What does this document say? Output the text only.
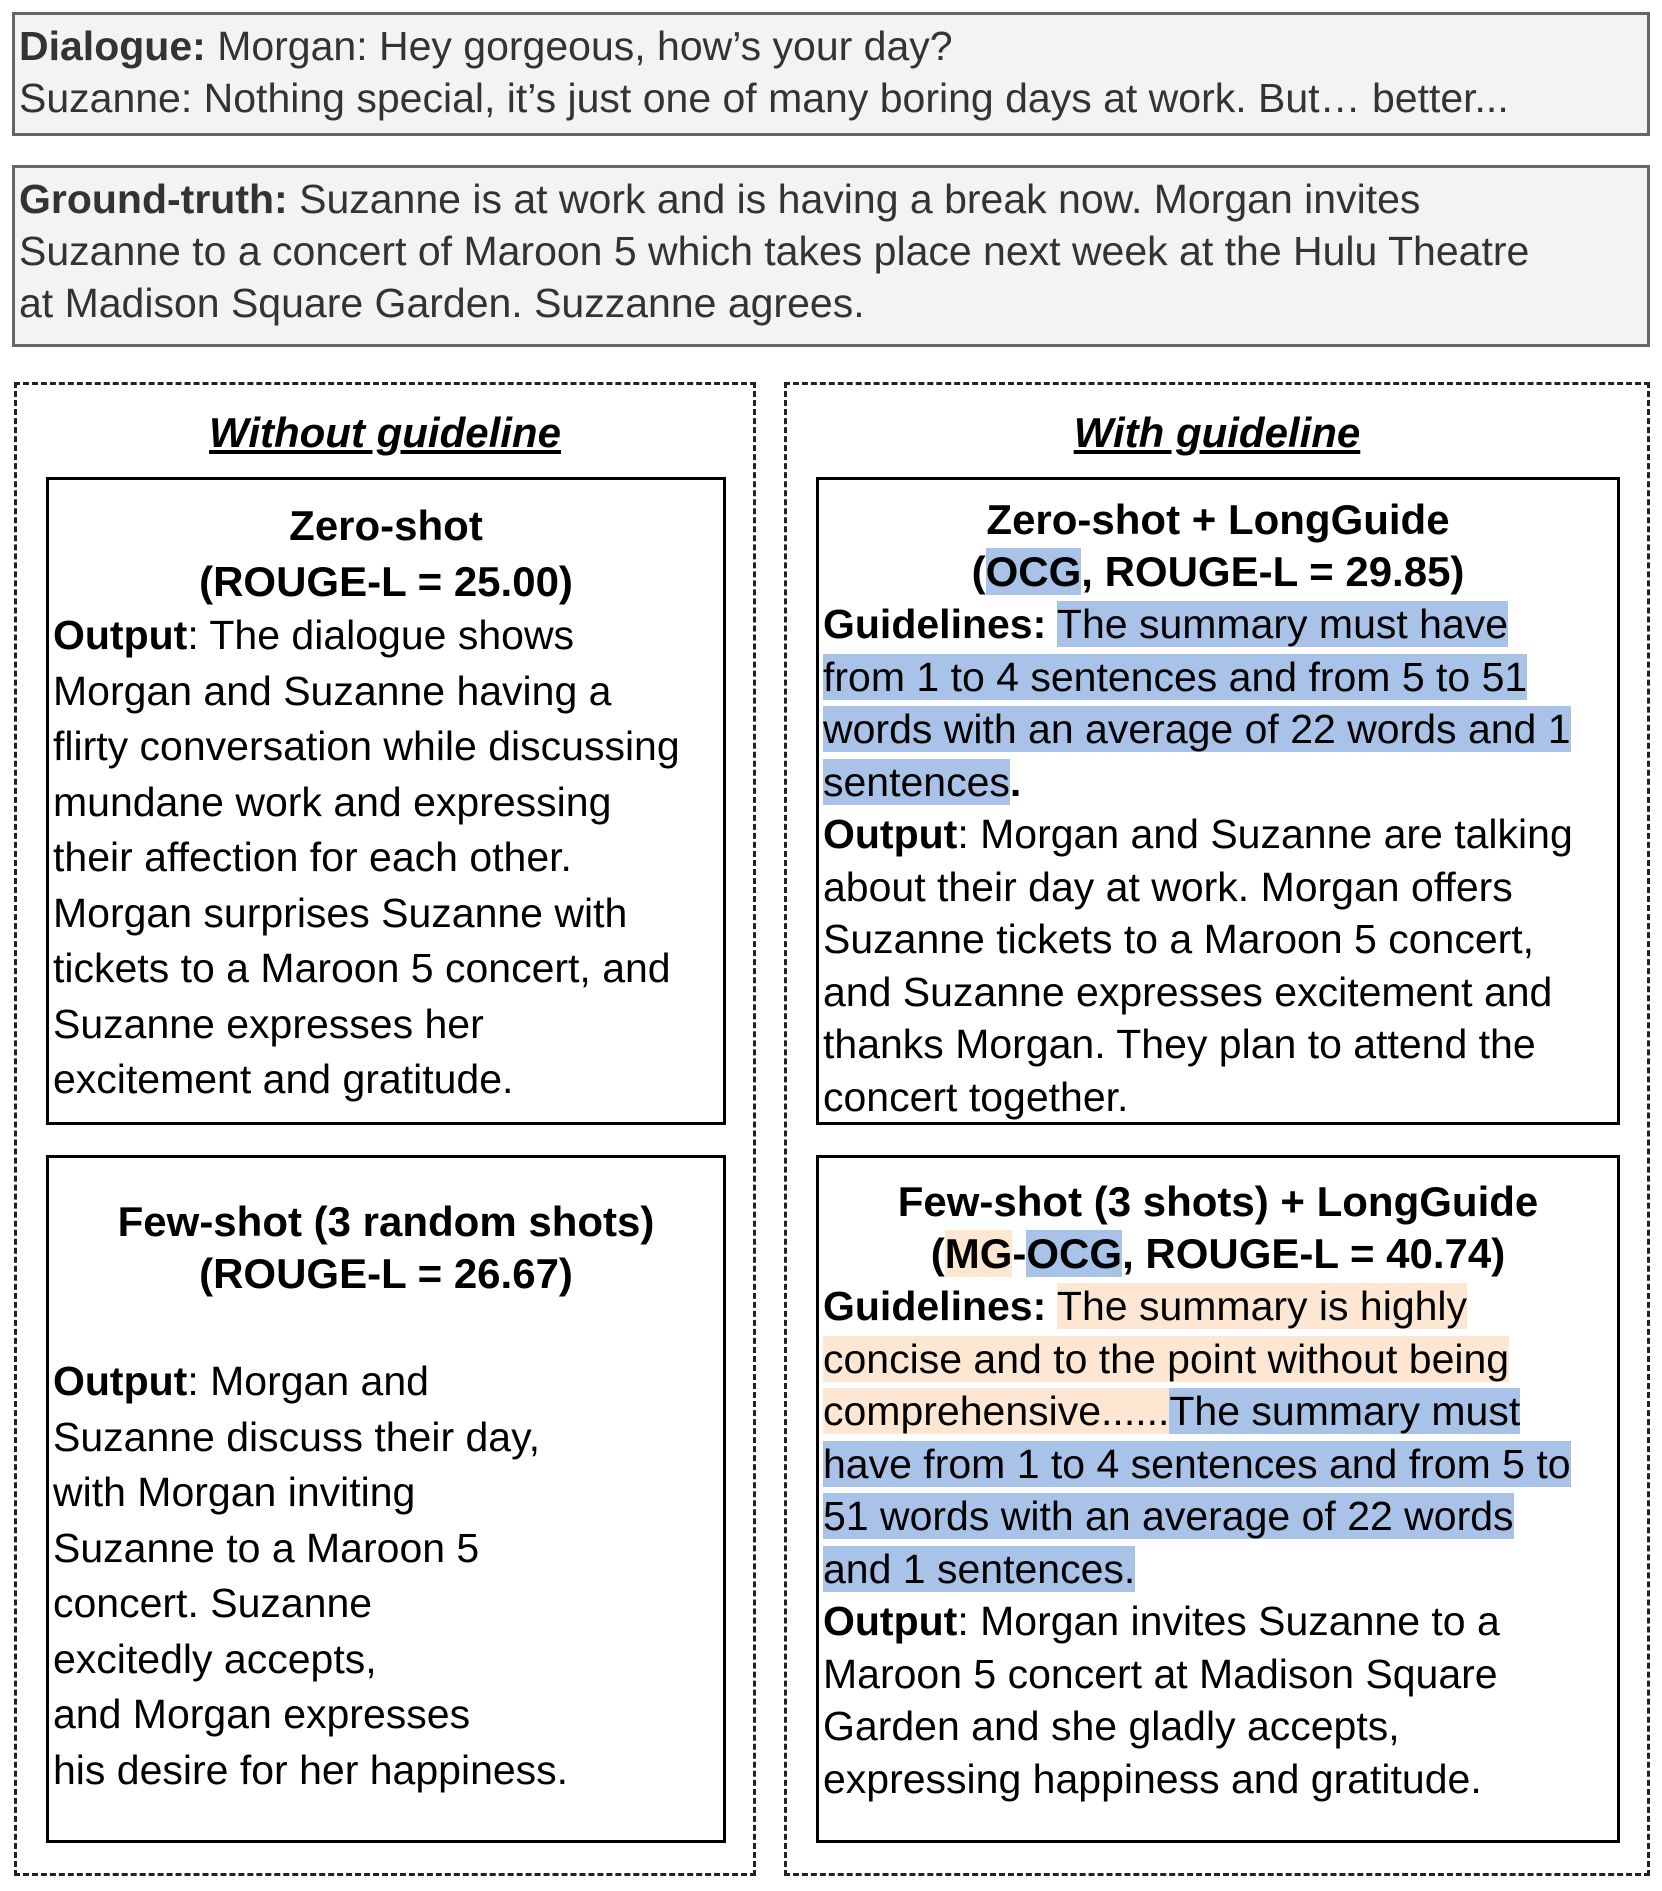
Dialogue: Morgan: Hey gorgeous, how’s your day?
Suzanne: Nothing special, it’s just one of many boring days at work. But… better...
Ground-truth: Suzanne is at work and is having a break now. Morgan invites
Suzanne to a concert of Maroon 5 which takes place next week at the Hulu Theatre
at Madison Square Garden. Suzzanne agrees.
Without guideline
Zero-shot
(ROUGE-L = 25.00)
Output: The dialogue shows
Morgan and Suzanne having a
flirty conversation while discussing
mundane work and expressing
their affection for each other.
Morgan surprises Suzanne with
tickets to a Maroon 5 concert, and
Suzanne expresses her
excitement and gratitude.
Few-shot (3 random shots)
(ROUGE-L = 26.67)
Output: Morgan and
Suzanne discuss their day,
with Morgan inviting
Suzanne to a Maroon 5
concert. Suzanne
excitedly accepts,
and Morgan expresses
his desire for her happiness.
With guideline
Zero-shot + LongGuide
(OCG, ROUGE-L = 29.85)
Guidelines: The summary must have
from 1 to 4 sentences and from 5 to 51
words with an average of 22 words and 1
sentences.
Output: Morgan and Suzanne are talking
about their day at work. Morgan offers
Suzanne tickets to a Maroon 5 concert,
and Suzanne expresses excitement and
thanks Morgan. They plan to attend the
concert together.
Few-shot (3 shots) + LongGuide
(MG-OCG, ROUGE-L = 40.74)
Guidelines: The summary is highly
concise and to the point without being
comprehensive......The summary must
have from 1 to 4 sentences and from 5 to
51 words with an average of 22 words
and 1 sentences.
Output: Morgan invites Suzanne to a
Maroon 5 concert at Madison Square
Garden and she gladly accepts,
expressing happiness and gratitude.
